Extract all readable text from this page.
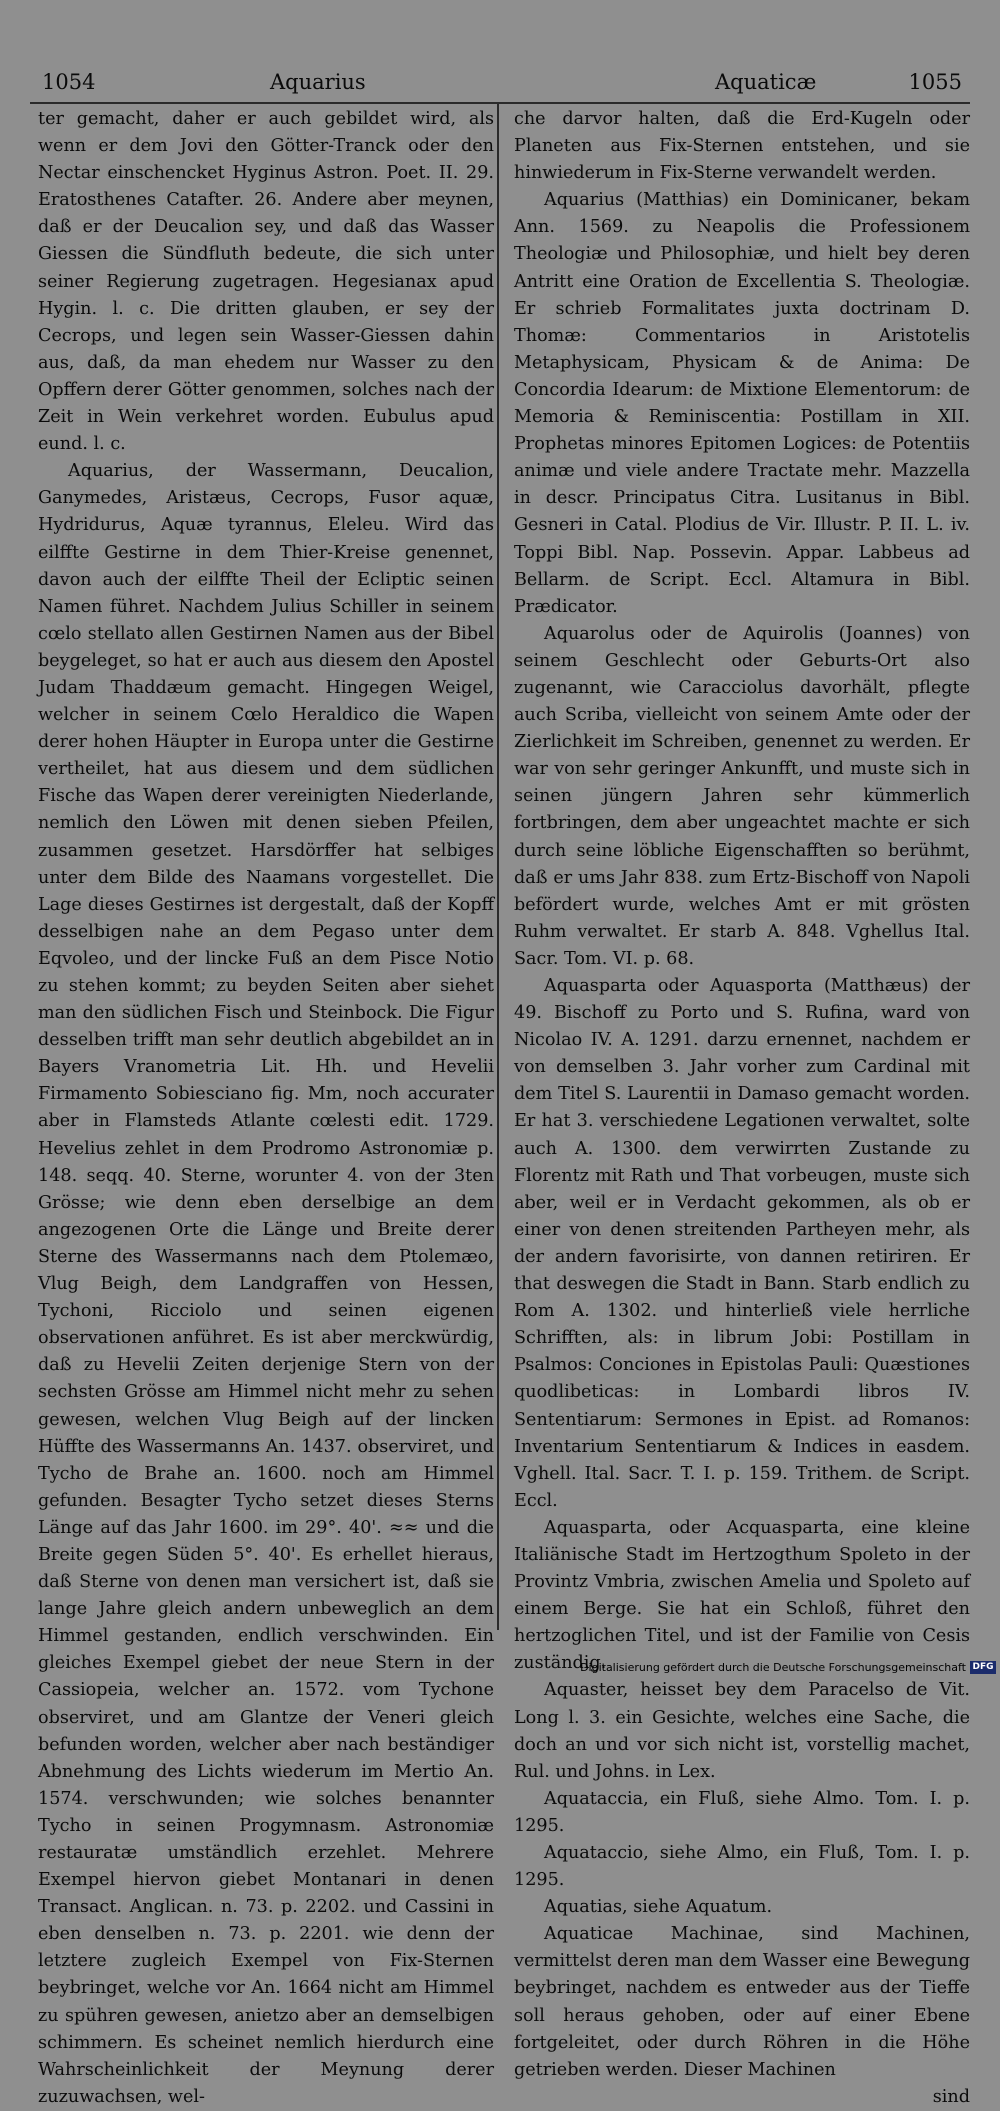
1054	Aquarius	Aquaticæ	1055

ter gemacht, daher er auch gebildet wird, als wenn er dem Jovi den Götter-Tranck oder den Nectar einschencket Hyginus Astron. Poet. II. 29. Eratosthenes Catafter. 26. Andere aber meynen, daß er der Deucalion sey, und daß das Wasser Giessen die Sündfluth bedeute, die sich unter seiner Regierung zugetragen. Hegesianax apud Hygin. l. c. Die dritten glauben, er sey der Cecrops, und legen sein Wasser-Giessen dahin aus, daß, da man ehedem nur Wasser zu den Opffern derer Götter genommen, solches nach der Zeit in Wein verkehret worden. Eubulus apud eund. l. c.

Aquarius, der Wassermann, Deucalion, Ganymedes, Aristæus, Cecrops, Fusor aquæ, Hydridurus, Aquæ tyrannus, Eleleu. Wird das eilffte Gestirne in dem Thier-Kreise genennet, davon auch der eilffte Theil der Ecliptic seinen Namen führet. Nachdem Julius Schiller in seinem cœlo stellato allen Gestirnen Namen aus der Bibel beygeleget, so hat er auch aus diesem den Apostel Judam Thaddæum gemacht. Hingegen Weigel, welcher in seinem Cœlo Heraldico die Wapen derer hohen Häupter in Europa unter die Gestirne vertheilet, hat aus diesem und dem südlichen Fische das Wapen derer vereinigten Niederlande, nemlich den Löwen mit denen sieben Pfeilen, zusammen gesetzet. Harsdörffer hat selbiges unter dem Bilde des Naamans vorgestellet. Die Lage dieses Gestirnes ist dergestalt, daß der Kopff desselbigen nahe an dem Pegaso unter dem Eqvoleo, und der lincke Fuß an dem Pisce Notio zu stehen kommt; zu beyden Seiten aber siehet man den südlichen Fisch und Steinbock. Die Figur desselben trifft man sehr deutlich abgebildet an in Bayers Vranometria Lit. Hh. und Hevelii Firmamento Sobiesciano fig. Mm, noch accurater aber in Flamsteds Atlante cœlesti edit. 1729. Hevelius zehlet in dem Prodromo Astronomiæ p. 148. seqq. 40. Sterne, worunter 4. von der 3ten Grösse; wie denn eben derselbige an dem angezogenen Orte die Länge und Breite derer Sterne des Wassermanns nach dem Ptolemæo, Vlug Beigh, dem Landgraffen von Hessen, Tychoni, Ricciolo und seinen eigenen observationen anführet. Es ist aber merckwürdig, daß zu Hevelii Zeiten derjenige Stern von der sechsten Grösse am Himmel nicht mehr zu sehen gewesen, welchen Vlug Beigh auf der lincken Hüffte des Wassermanns An. 1437. observiret, und Tycho de Brahe an. 1600. noch am Himmel gefunden. Besagter Tycho setzet dieses Sterns Länge auf das Jahr 1600. im 29°. 40'. ≈≈ und die Breite gegen Süden 5°. 40'. Es erhellet hieraus, daß Sterne von denen man versichert ist, daß sie lange Jahre gleich andern unbeweglich an dem Himmel gestanden, endlich verschwinden. Ein gleiches Exempel giebet der neue Stern in der Cassiopeia, welcher an. 1572. vom Tychone observiret, und am Glantze der Veneri gleich befunden worden, welcher aber nach beständiger Abnehmung des Lichts wiederum im Mertio An. 1574. verschwunden; wie solches benannter Tycho in seinen Progymnasm. Astronomiæ restauratæ umständlich erzehlet. Mehrere Exempel hiervon giebet Montanari in denen Transact. Anglican. n. 73. p. 2202. und Cassini in eben denselben n. 73. p. 2201. wie denn der letztere zugleich Exempel von Fix-Sternen beybringet, welche vor An. 1664 nicht am Himmel zu spühren gewesen, anietzo aber an demselbigen schimmern. Es scheinet nemlich hierdurch eine Wahrscheinlichkeit der Meynung derer zuzuwachsen, wel-

che darvor halten, daß die Erd-Kugeln oder Planeten aus Fix-Sternen entstehen, und sie hinwiederum in Fix-Sterne verwandelt werden.

Aquarius (Matthias) ein Dominicaner, bekam Ann. 1569. zu Neapolis die Professionem Theologiæ und Philosophiæ, und hielt bey deren Antritt eine Oration de Excellentia S. Theologiæ. Er schrieb Formalitates juxta doctrinam D. Thomæ: Commentarios in Aristotelis Metaphysicam, Physicam & de Anima: De Concordia Idearum: de Mixtione Elementorum: de Memoria & Reminiscentia: Postillam in XII. Prophetas minores Epitomen Logices: de Potentiis animæ und viele andere Tractate mehr. Mazzella in descr. Principatus Citra. Lusitanus in Bibl. Gesneri in Catal. Plodius de Vir. Illustr. P. II. L. iv. Toppi Bibl. Nap. Possevin. Appar. Labbeus ad Bellarm. de Script. Eccl. Altamura in Bibl. Prædicator.

Aquarolus oder de Aquirolis (Joannes) von seinem Geschlecht oder Geburts-Ort also zugenannt, wie Caracciolus davorhält, pflegte auch Scriba, vielleicht von seinem Amte oder der Zierlichkeit im Schreiben, genennet zu werden. Er war von sehr geringer Ankunfft, und muste sich in seinen jüngern Jahren sehr kümmerlich fortbringen, dem aber ungeachtet machte er sich durch seine löbliche Eigenschafften so berühmt, daß er ums Jahr 838. zum Ertz-Bischoff von Napoli befördert wurde, welches Amt er mit grösten Ruhm verwaltet. Er starb A. 848. Vghellus Ital. Sacr. Tom. VI. p. 68.

Aquasparta oder Aquasporta (Matthæus) der 49. Bischoff zu Porto und S. Rufina, ward von Nicolao IV. A. 1291. darzu ernennet, nachdem er von demselben 3. Jahr vorher zum Cardinal mit dem Titel S. Laurentii in Damaso gemacht worden. Er hat 3. verschiedene Legationen verwaltet, solte auch A. 1300. dem verwirrten Zustande zu Florentz mit Rath und That vorbeugen, muste sich aber, weil er in Verdacht gekommen, als ob er einer von denen streitenden Partheyen mehr, als der andern favorisirte, von dannen retiriren. Er that deswegen die Stadt in Bann. Starb endlich zu Rom A. 1302. und hinterließ viele herrliche Schrifften, als: in librum Jobi: Postillam in Psalmos: Conciones in Epistolas Pauli: Quæstiones quodlibeticas: in Lombardi libros IV. Sententiarum: Sermones in Epist. ad Romanos: Inventarium Sententiarum & Indices in easdem. Vghell. Ital. Sacr. T. I. p. 159. Trithem. de Script. Eccl.

Aquasparta, oder Acquasparta, eine kleine Italiänische Stadt im Hertzogthum Spoleto in der Provintz Vmbria, zwischen Amelia und Spoleto auf einem Berge. Sie hat ein Schloß, führet den hertzoglichen Titel, und ist der Familie von Cesis zuständig.

Aquaster, heisset bey dem Paracelso de Vit. Long l. 3. ein Gesichte, welches eine Sache, die doch an und vor sich nicht ist, vorstellig machet, Rul. und Johns. in Lex.

Aquataccia, ein Fluß, siehe Almo. Tom. I. p. 1295.

Aquataccio, siehe Almo, ein Fluß, Tom. I. p. 1295.

Aquatias, siehe Aquatum.

Aquaticae Machinae, sind Machinen, vermittelst deren man dem Wasser eine Bewegung beybringet, nachdem es entweder aus der Tieffe soll heraus gehoben, oder auf einer Ebene fortgeleitet, oder durch Röhren in die Höhe getrieben werden. Dieser Machinen

sind

Digitalisierung gefördert durch die Deutsche Forschungsgemeinschaft DFG
